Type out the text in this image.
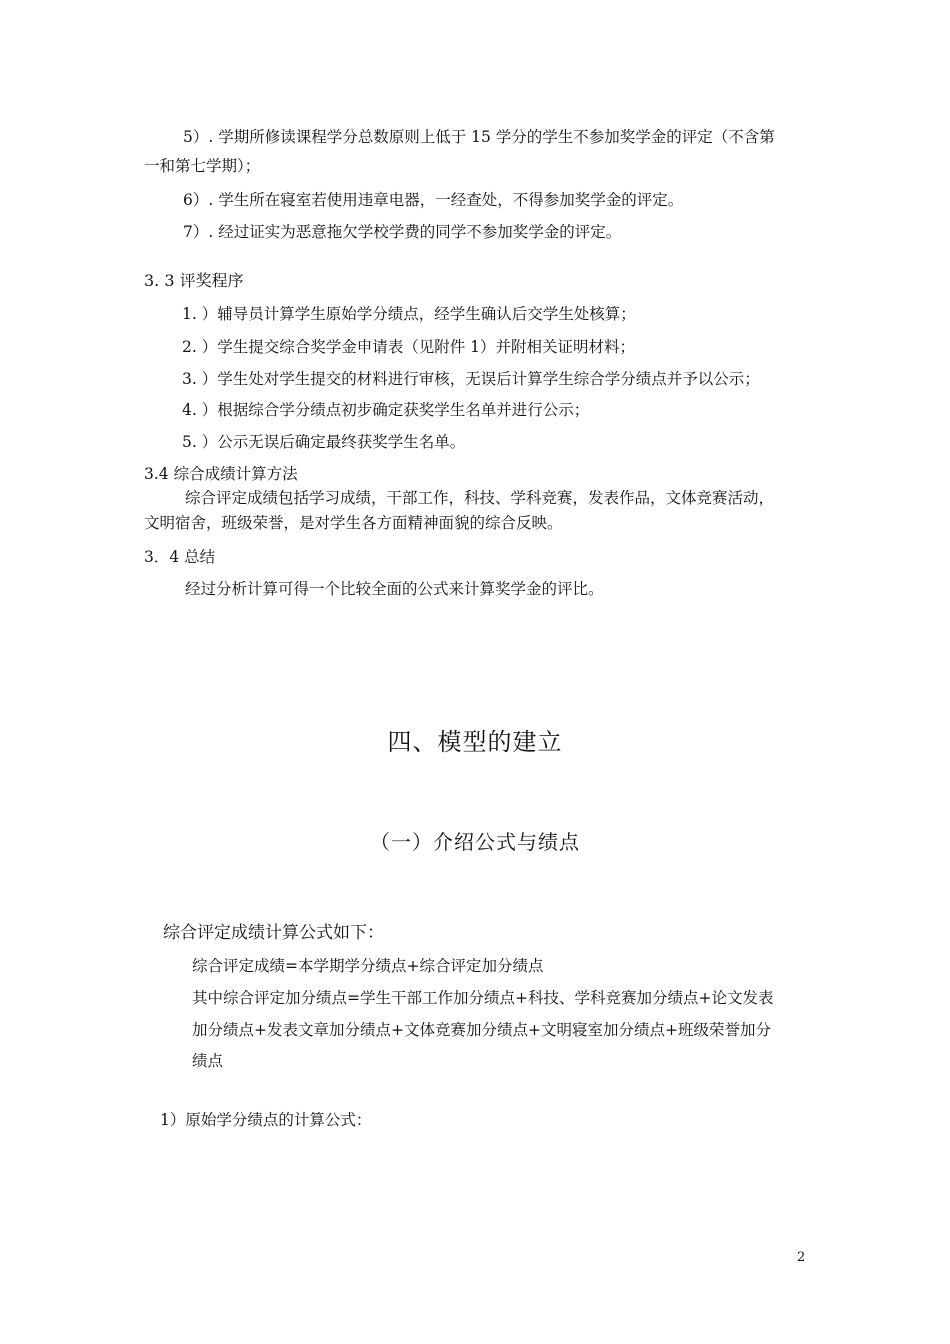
5）. 学期所修读课程学分总数原则上低于 15 学分的学生不参加奖学金的评定（不含第
一和第七学期）；
6）. 学生所在寝室若使用违章电器，一经查处，不得参加奖学金的评定。
7）. 经过证实为恶意拖欠学校学费的同学不参加奖学金的评定。
3. 3 评奖程序
1. ）辅导员计算学生原始学分绩点，经学生确认后交学生处核算；
2. ）学生提交综合奖学金申请表（见附件 1）并附相关证明材料；
3. ）学生处对学生提交的材料进行审核，无误后计算学生综合学分绩点并予以公示；
4. ）根据综合学分绩点初步确定获奖学生名单并进行公示；
5. ）公示无误后确定最终获奖学生名单。
3.4 综合成绩计算方法
综合评定成绩包括学习成绩，干部工作，科技、学科竞赛，发表作品，文体竞赛活动，
文明宿舍，班级荣誉，是对学生各方面精神面貌的综合反映。
3．4 总结
经过分析计算可得一个比较全面的公式来计算奖学金的评比。
四、模型的建立
（一）介绍公式与绩点
综合评定成绩计算公式如下：
综合评定成绩=本学期学分绩点+综合评定加分绩点
其中综合评定加分绩点=学生干部工作加分绩点+科技、学科竞赛加分绩点+论文发表
加分绩点+发表文章加分绩点+文体竞赛加分绩点+文明寝室加分绩点+班级荣誉加分
绩点
1）原始学分绩点的计算公式：
2
